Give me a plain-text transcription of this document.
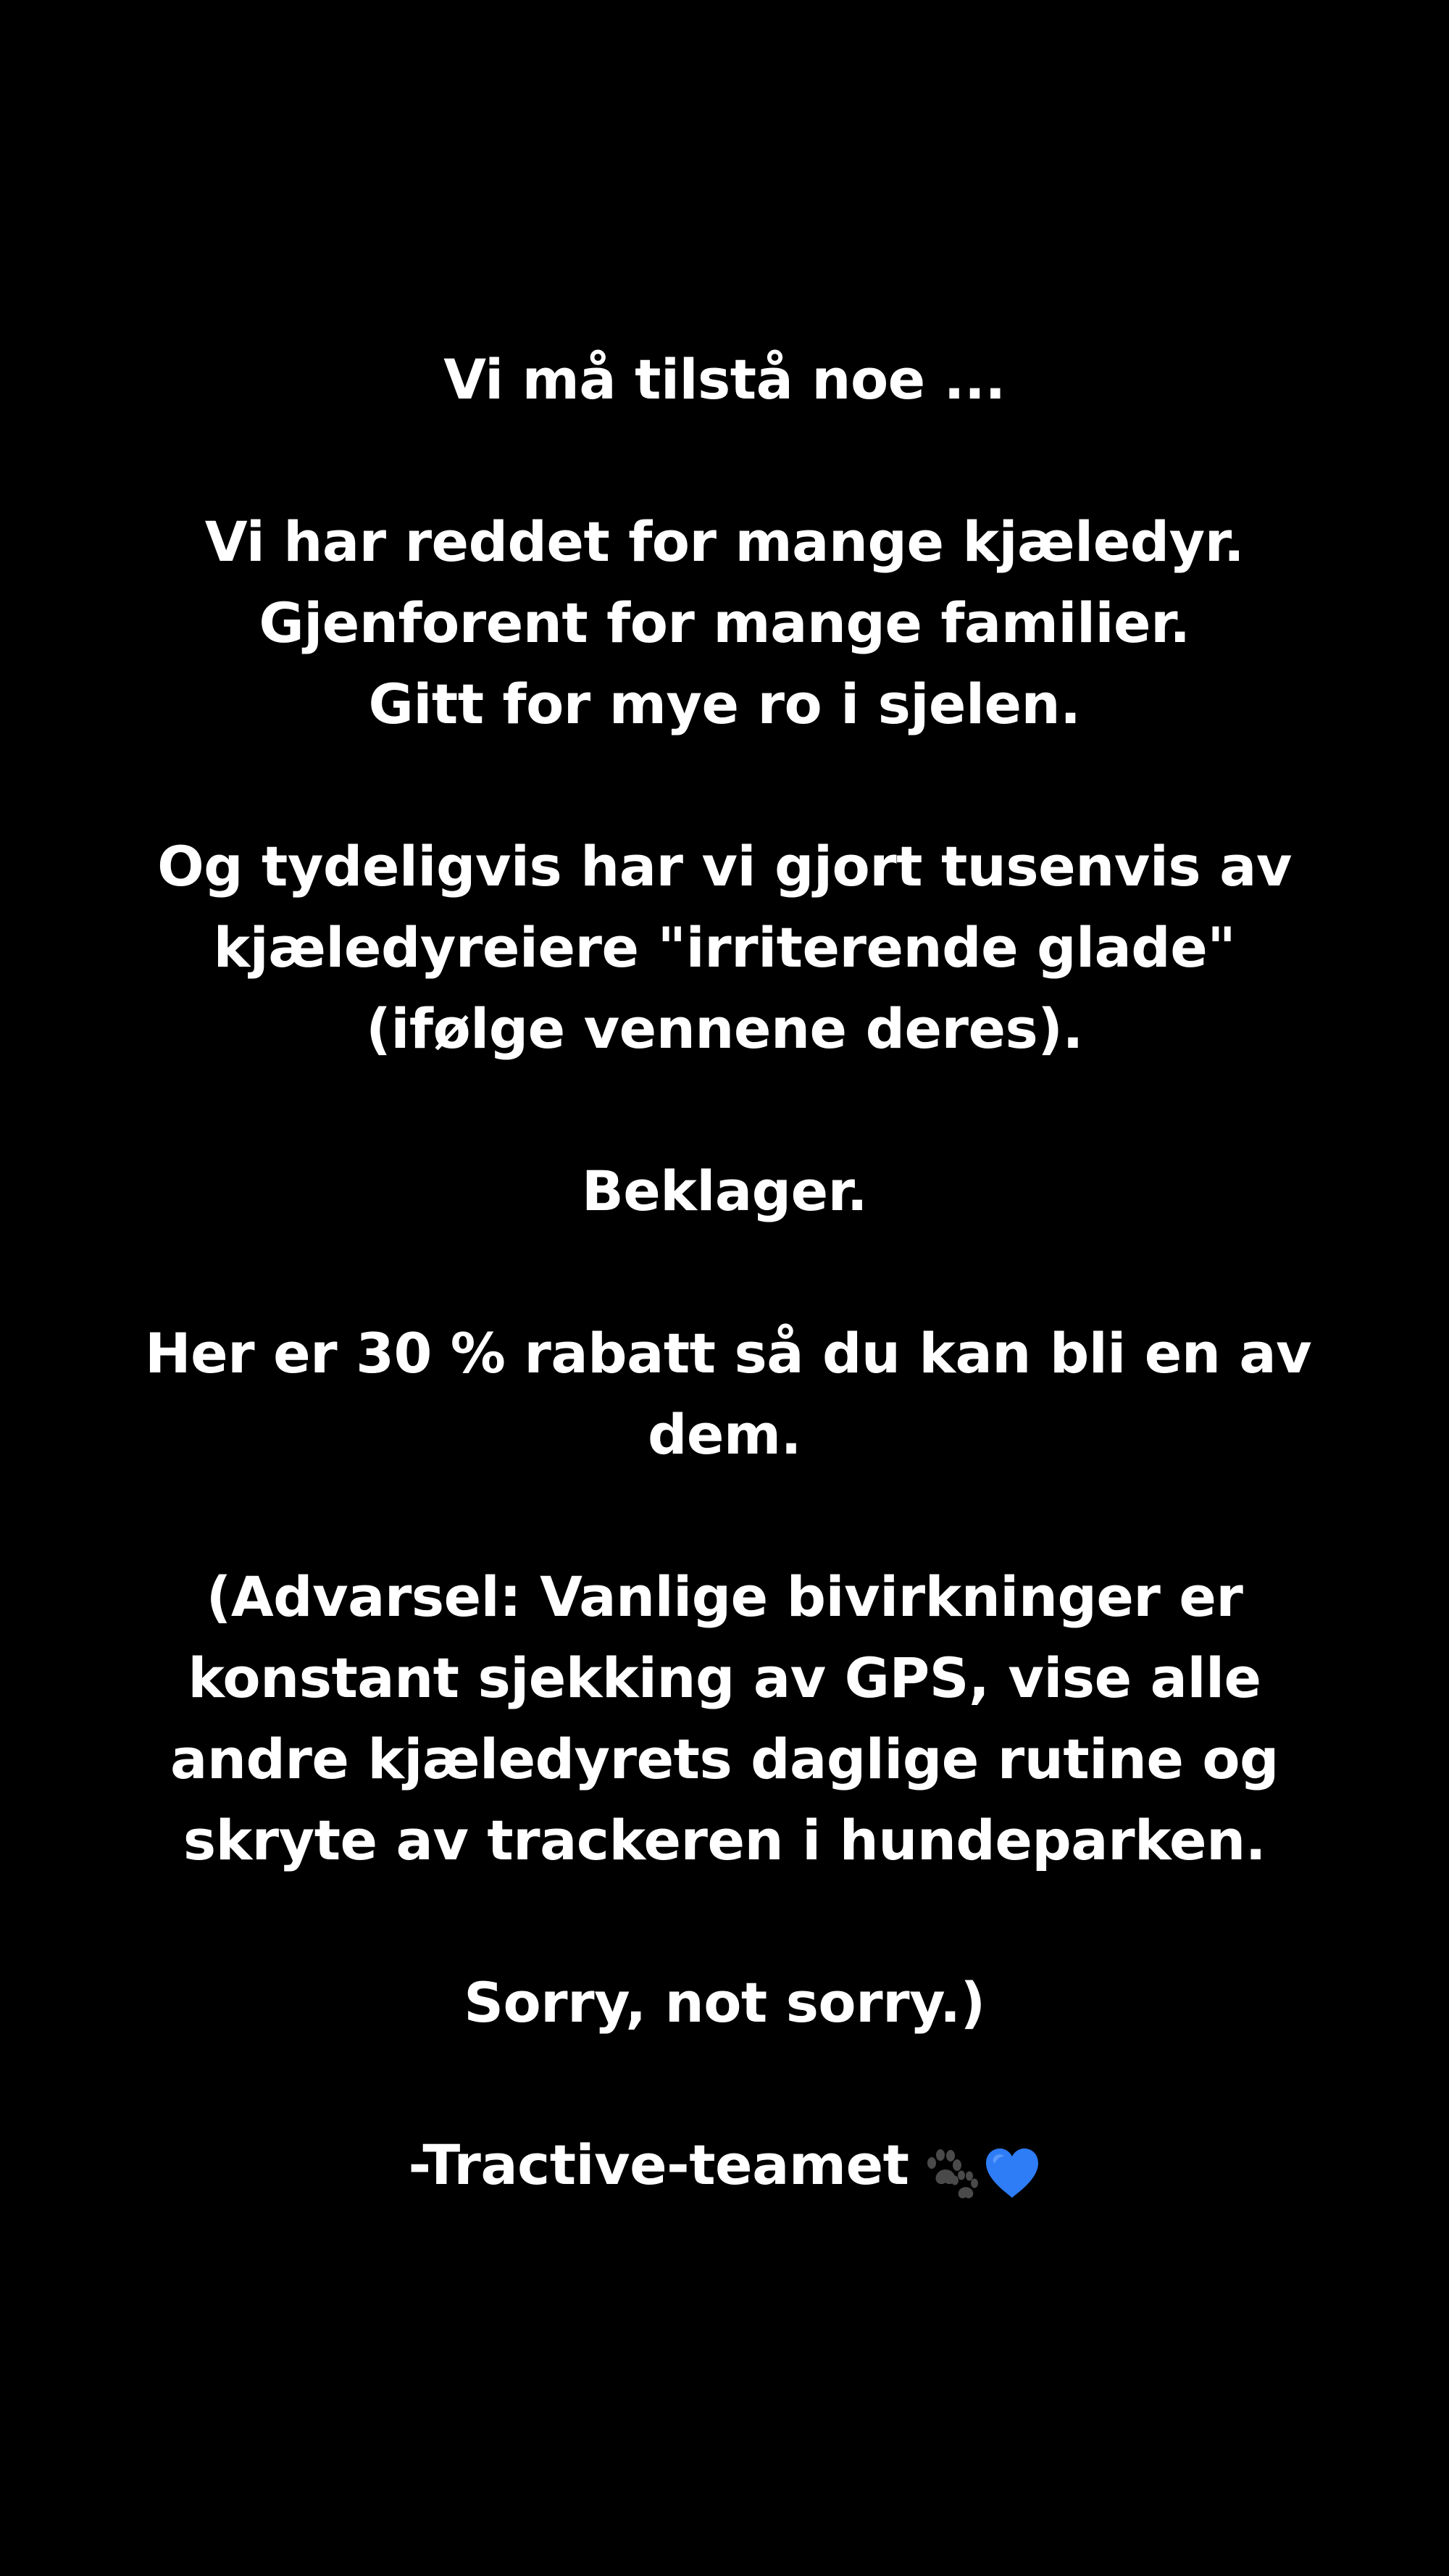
Vi må tilstå noe ...

Vi har reddet for mange kjæledyr.
Gjenforent for mange familier.
Gitt for mye ro i sjelen.

Og tydeligvis har vi gjort tusenvis av
kjæledyreiere "irriterende glade"
(ifølge vennene deres).

Beklager.

Her er 30 % rabatt så du kan bli en av
dem.

(Advarsel: Vanlige bivirkninger er
konstant sjekking av GPS, vise alle
andre kjæledyrets daglige rutine og
skryte av trackeren i hundeparken.

Sorry, not sorry.)

-Tractive-teamet
